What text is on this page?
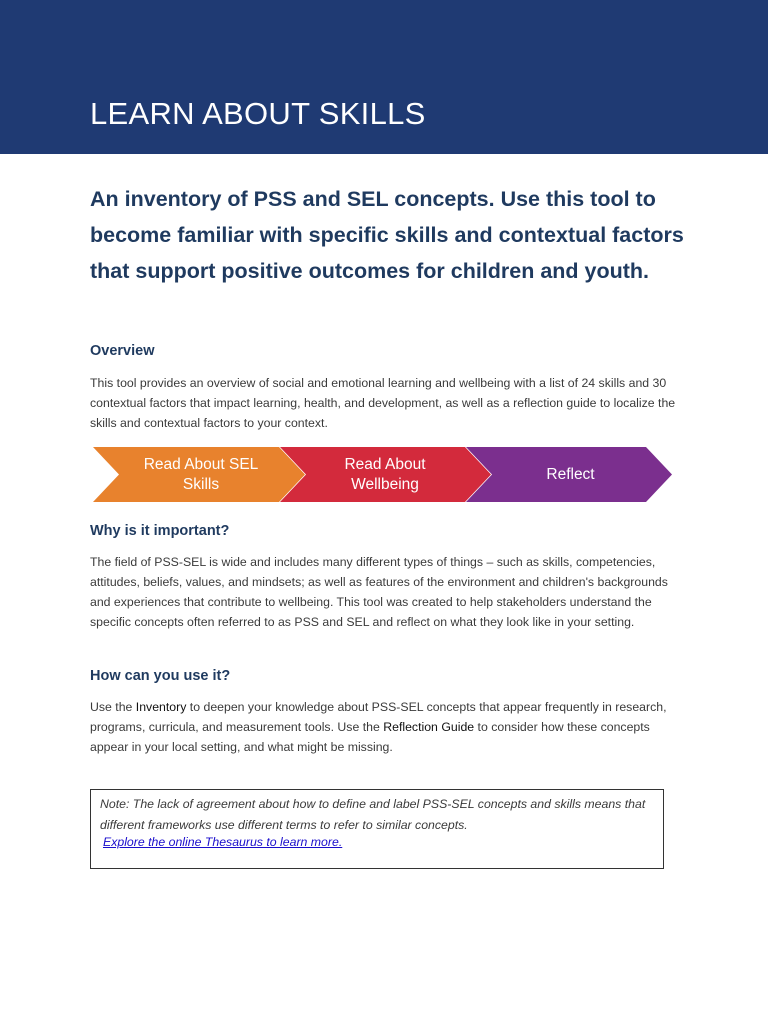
LEARN ABOUT SKILLS
An inventory of PSS and SEL concepts. Use this tool to become familiar with specific skills and contextual factors that support positive outcomes for children and youth.
Overview
This tool provides an overview of social and emotional learning and wellbeing with a list of 24 skills and 30 contextual factors that impact learning, health, and development, as well as a reflection guide to localize the skills and contextual factors to your context.
Read About SEL Skills
Read About Wellbeing
Reflect
Why is it important?
The field of PSS-SEL is wide and includes many different types of things – such as skills, competencies, attitudes, beliefs, values, and mindsets; as well as features of the environment and children's backgrounds and experiences that contribute to wellbeing. This tool was created to help stakeholders understand the specific concepts often referred to as PSS and SEL and reflect on what they look like in your setting.
How can you use it?
Use the Inventory to deepen your knowledge about PSS-SEL concepts that appear frequently in research, programs, curricula, and measurement tools. Use the Reflection Guide to consider how these concepts appear in your local setting, and what might be missing.
Note: The lack of agreement about how to define and label PSS-SEL concepts and skills means that different frameworks use different terms to refer to similar concepts.
Explore the online Thesaurus to learn more.
